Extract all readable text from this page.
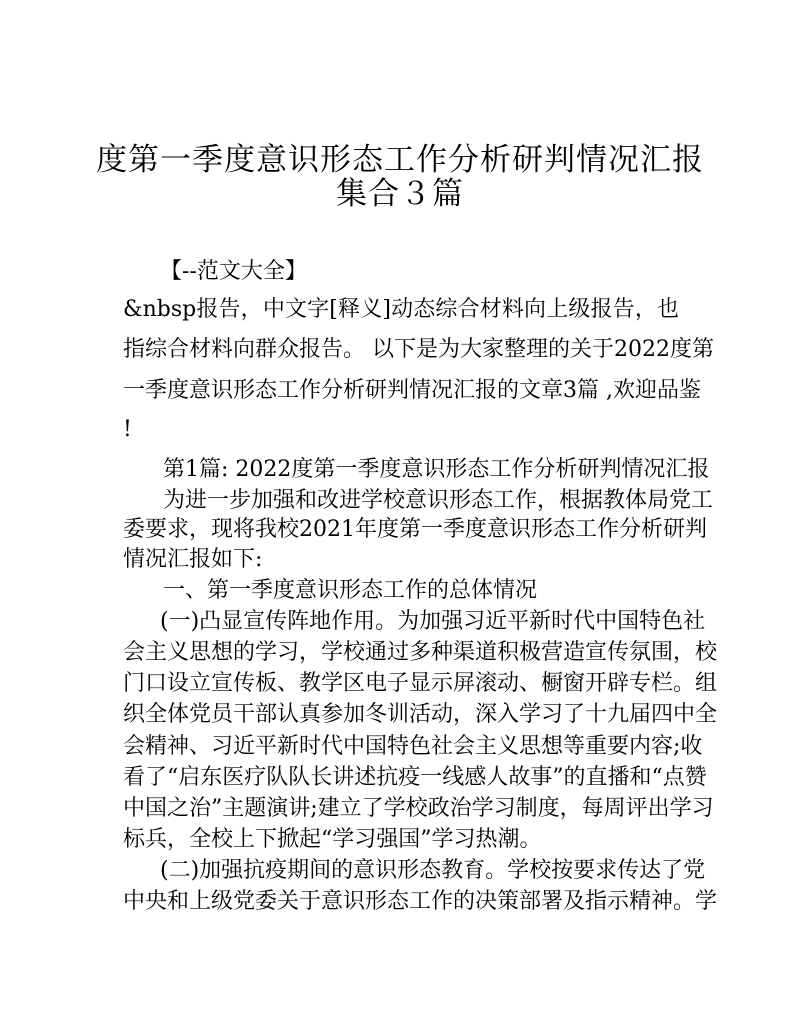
度第一季度意识形态工作分析研判情况汇报
集合３篇
【--范文大全】
&nbsp报告，中文字[释义]动态综合材料向上级报告，也
指综合材料向群众报告。 以下是为大家整理的关于2022度第
一季度意识形态工作分析研判情况汇报的文章3篇 ,欢迎品鉴
!
第1篇: 2022度第一季度意识形态工作分析研判情况汇报
为进一步加强和改进学校意识形态工作，根据教体局党工
委要求，现将我校2021年度第一季度意识形态工作分析研判
情况汇报如下:
一、第一季度意识形态工作的总体情况
(一)凸显宣传阵地作用。为加强习近平新时代中国特色社
会主义思想的学习，学校通过多种渠道积极营造宣传氛围，校
门口设立宣传板、教学区电子显示屏滚动、橱窗开辟专栏。组
织全体党员干部认真参加冬训活动，深入学习了十九届四中全
会精神、习近平新时代中国特色社会主义思想等重要内容;收
看了“启东医疗队队长讲述抗疫一线感人故事”的直播和“点赞
中国之治”主题演讲;建立了学校政治学习制度，每周评出学习
标兵，全校上下掀起“学习强国”学习热潮。
(二)加强抗疫期间的意识形态教育。学校按要求传达了党
中央和上级党委关于意识形态工作的决策部署及指示精神。学
